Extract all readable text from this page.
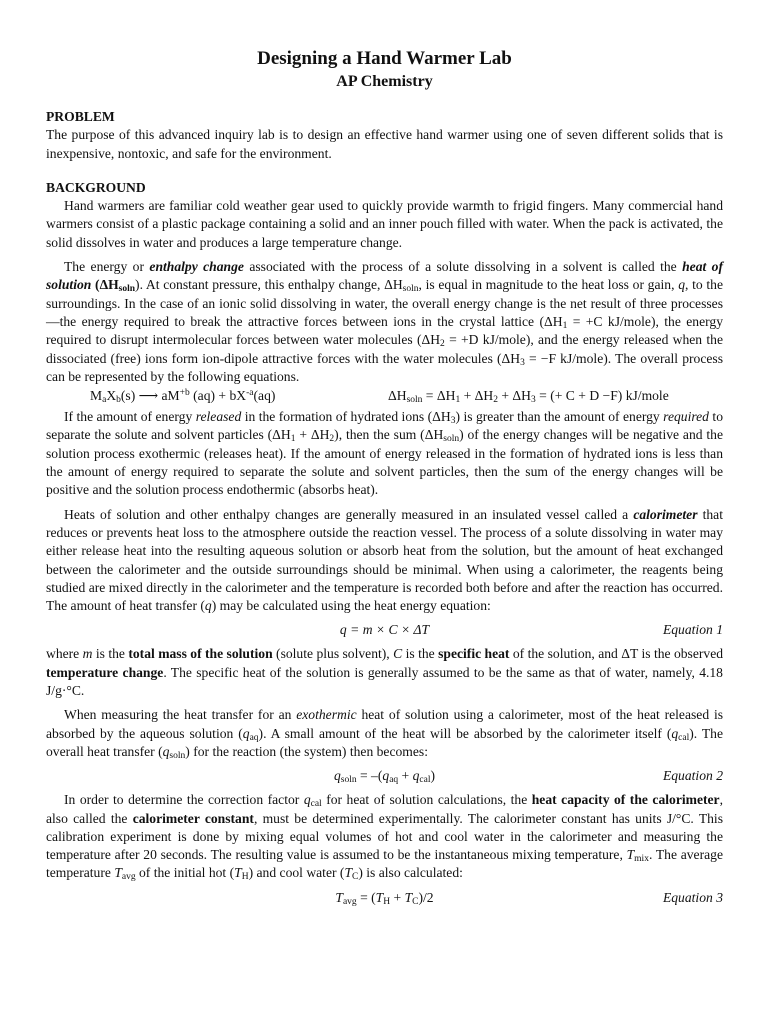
Designing a Hand Warmer Lab
AP Chemistry
PROBLEM

The purpose of this advanced inquiry lab is to design an effective hand warmer using one of seven different solids that is inexpensive, nontoxic, and safe for the environment.

BACKGROUND

Hand warmers are familiar cold weather gear used to quickly provide warmth to frigid fingers. Many commercial hand warmers consist of a plastic package containing a solid and an inner pouch filled with water. When the pack is activated, the solid dissolves in water and produces a large temperature change.

The energy or enthalpy change associated with the process of a solute dissolving in a solvent is called the heat of solution $(\Delta H_{soln})$. At constant pressure, this enthalpy change, $\Delta H_{soln}$, is equal in magnitude to the heat loss or gain, q, to the surroundings. In the case of an ionic solid dissolving in water, the overall energy change is the net result of three processes—the energy required to break the attractive forces between ions in the crystal lattice ($\Delta H_1 = +C$ kJ/mole), the energy required to disrupt intermolecular forces between water molecules ($\Delta H_2 = +D$ kJ/mole), and the energy released when the dissociated (free) ions form ion-dipole attractive forces with the water molecules ($\Delta H_3 = -F$ kJ/mole). The overall process can be represented by the following equations.

$M_aX_b(s)$ ⟶ $aM^{+b}$ $(aq) + bX^{-a}(aq)$	$\Delta H_{soln} = \Delta H_1 + \Delta H_2 + \Delta H_3$ = (+ C + D −F) kJ/mole

If the amount of energy released in the formation of hydrated ions $(\Delta H_3)$ is greater than the amount of energy required to separate the solute and solvent particles $(\Delta H_1 + \Delta H_2)$, then the sum $(\Delta H_{soln})$ of the energy changes will be negative and the solution process exothermic (releases heat). If the amount of energy released in the formation of hydrated ions is less than the amount of energy required to separate the solute and solvent particles, then the sum of the energy changes will be positive and the solution process endothermic (absorbs heat).

Heats of solution and other enthalpy changes are generally measured in an insulated vessel called a calorimeter that reduces or prevents heat loss to the atmosphere outside the reaction vessel. The process of a solute dissolving in water may either release heat into the resulting aqueous solution or absorb heat from the solution, but the amount of heat exchanged between the calorimeter and the outside surroundings should be minimal. When using a calorimeter, the reagents being studied are mixed directly in the calorimeter and the temperature is recorded both before and after the reaction has occurred. The amount of heat transfer (q) may be calculated using the heat energy equation:

q = m × C × ΔT	Equation 1

where m is the total mass of the solution (solute plus solvent), C is the specific heat of the solution, and ΔT is the observed temperature change. The specific heat of the solution is generally assumed to be the same as that of water, namely, 4.18 J/g·°C.

When measuring the heat transfer for an exothermic heat of solution using a calorimeter, most of the heat released is absorbed by the aqueous solution $(q_{aq})$. A small amount of the heat will be absorbed by the calorimeter itself $(q_{cal})$. The overall heat transfer $(q_{soln})$ for the reaction (the system) then becomes:

$q_{soln} = -(q_{aq} + q_{cal})$	Equation 2

In order to determine the correction factor $q_{cal}$ for heat of solution calculations, the heat capacity of the calorimeter, also called the calorimeter constant, must be determined experimentally. The calorimeter constant has units J/°C. This calibration experiment is done by mixing equal volumes of hot and cool water in the calorimeter and measuring the temperature after 20 seconds. The resulting value is assumed to be the instantaneous mixing temperature, $T_{mix}$. The average temperature $T_{avg}$ of the initial hot $(T_H)$ and cool water $(T_C)$ is also calculated:

$T_{avg} = (T_H + T_C)/2$	Equation 3
